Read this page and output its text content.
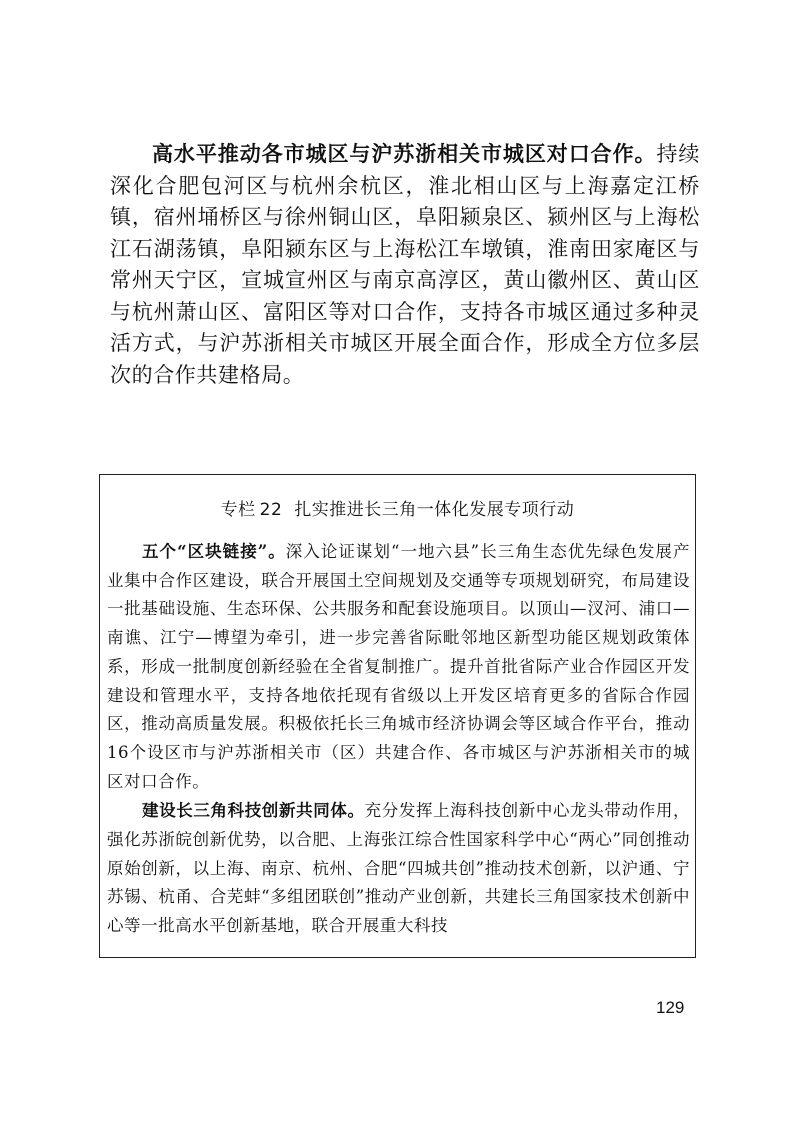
高水平推动各市城区与沪苏浙相关市城区对口合作。持续深化合肥包河区与杭州余杭区，淮北相山区与上海嘉定江桥镇，宿州埇桥区与徐州铜山区，阜阳颍泉区、颍州区与上海松江石湖荡镇，阜阳颍东区与上海松江车墩镇，淮南田家庵区与常州天宁区，宣城宣州区与南京高淳区，黄山徽州区、黄山区与杭州萧山区、富阳区等对口合作，支持各市城区通过多种灵活方式，与沪苏浙相关市城区开展全面合作，形成全方位多层次的合作共建格局。

专栏 22 扎实推进长三角一体化发展专项行动

五个“区块链接”。深入论证谋划“一地六县”长三角生态优先绿色发展产业集中合作区建设，联合开展国土空间规划及交通等专项规划研究，布局建设一批基础设施、生态环保、公共服务和配套设施项目。以顶山—汊河、浦口—南谯、江宁—博望为牵引，进一步完善省际毗邻地区新型功能区规划政策体系，形成一批制度创新经验在全省复制推广。提升首批省际产业合作园区开发建设和管理水平，支持各地依托现有省级以上开发区培育更多的省际合作园区，推动高质量发展。积极依托长三角城市经济协调会等区域合作平台，推动16个设区市与沪苏浙相关市（区）共建合作、各市城区与沪苏浙相关市的城区对口合作。

建设长三角科技创新共同体。充分发挥上海科技创新中心龙头带动作用，强化苏浙皖创新优势，以合肥、上海张江综合性国家科学中心“两心”同创推动原始创新，以上海、南京、杭州、合肥“四城共创”推动技术创新，以沪通、宁苏锡、杭甬、合芜蚌“多组团联创”推动产业创新，共建长三角国家技术创新中心等一批高水平创新基地，联合开展重大科技

129
